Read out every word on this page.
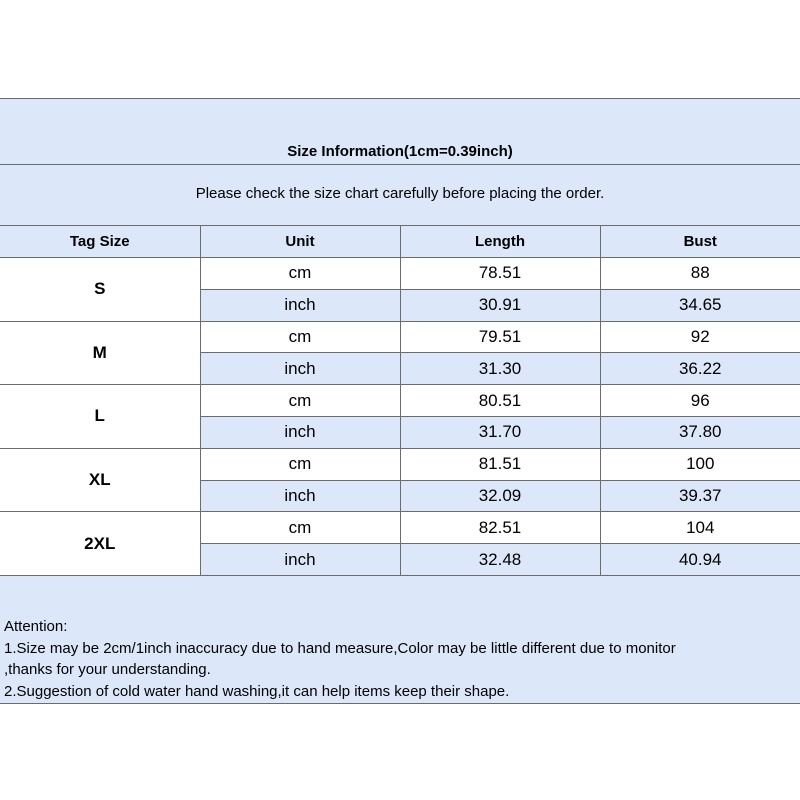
Size Information(1cm=0.39inch)
Please check the size chart carefully before placing the order.
Tag Size	Unit	Length	Bust
S	cm	78.51	88
	inch	30.91	34.65
M	cm	79.51	92
	inch	31.30	36.22
L	cm	80.51	96
	inch	31.70	37.80
XL	cm	81.51	100
	inch	32.09	39.37
2XL	cm	82.51	104
	inch	32.48	40.94
Attention:
1.Size may be 2cm/1inch inaccuracy due to hand measure,Color may be little different due to monitor
,thanks for your understanding.
2.Suggestion of cold water hand washing,it can help items keep their shape.
